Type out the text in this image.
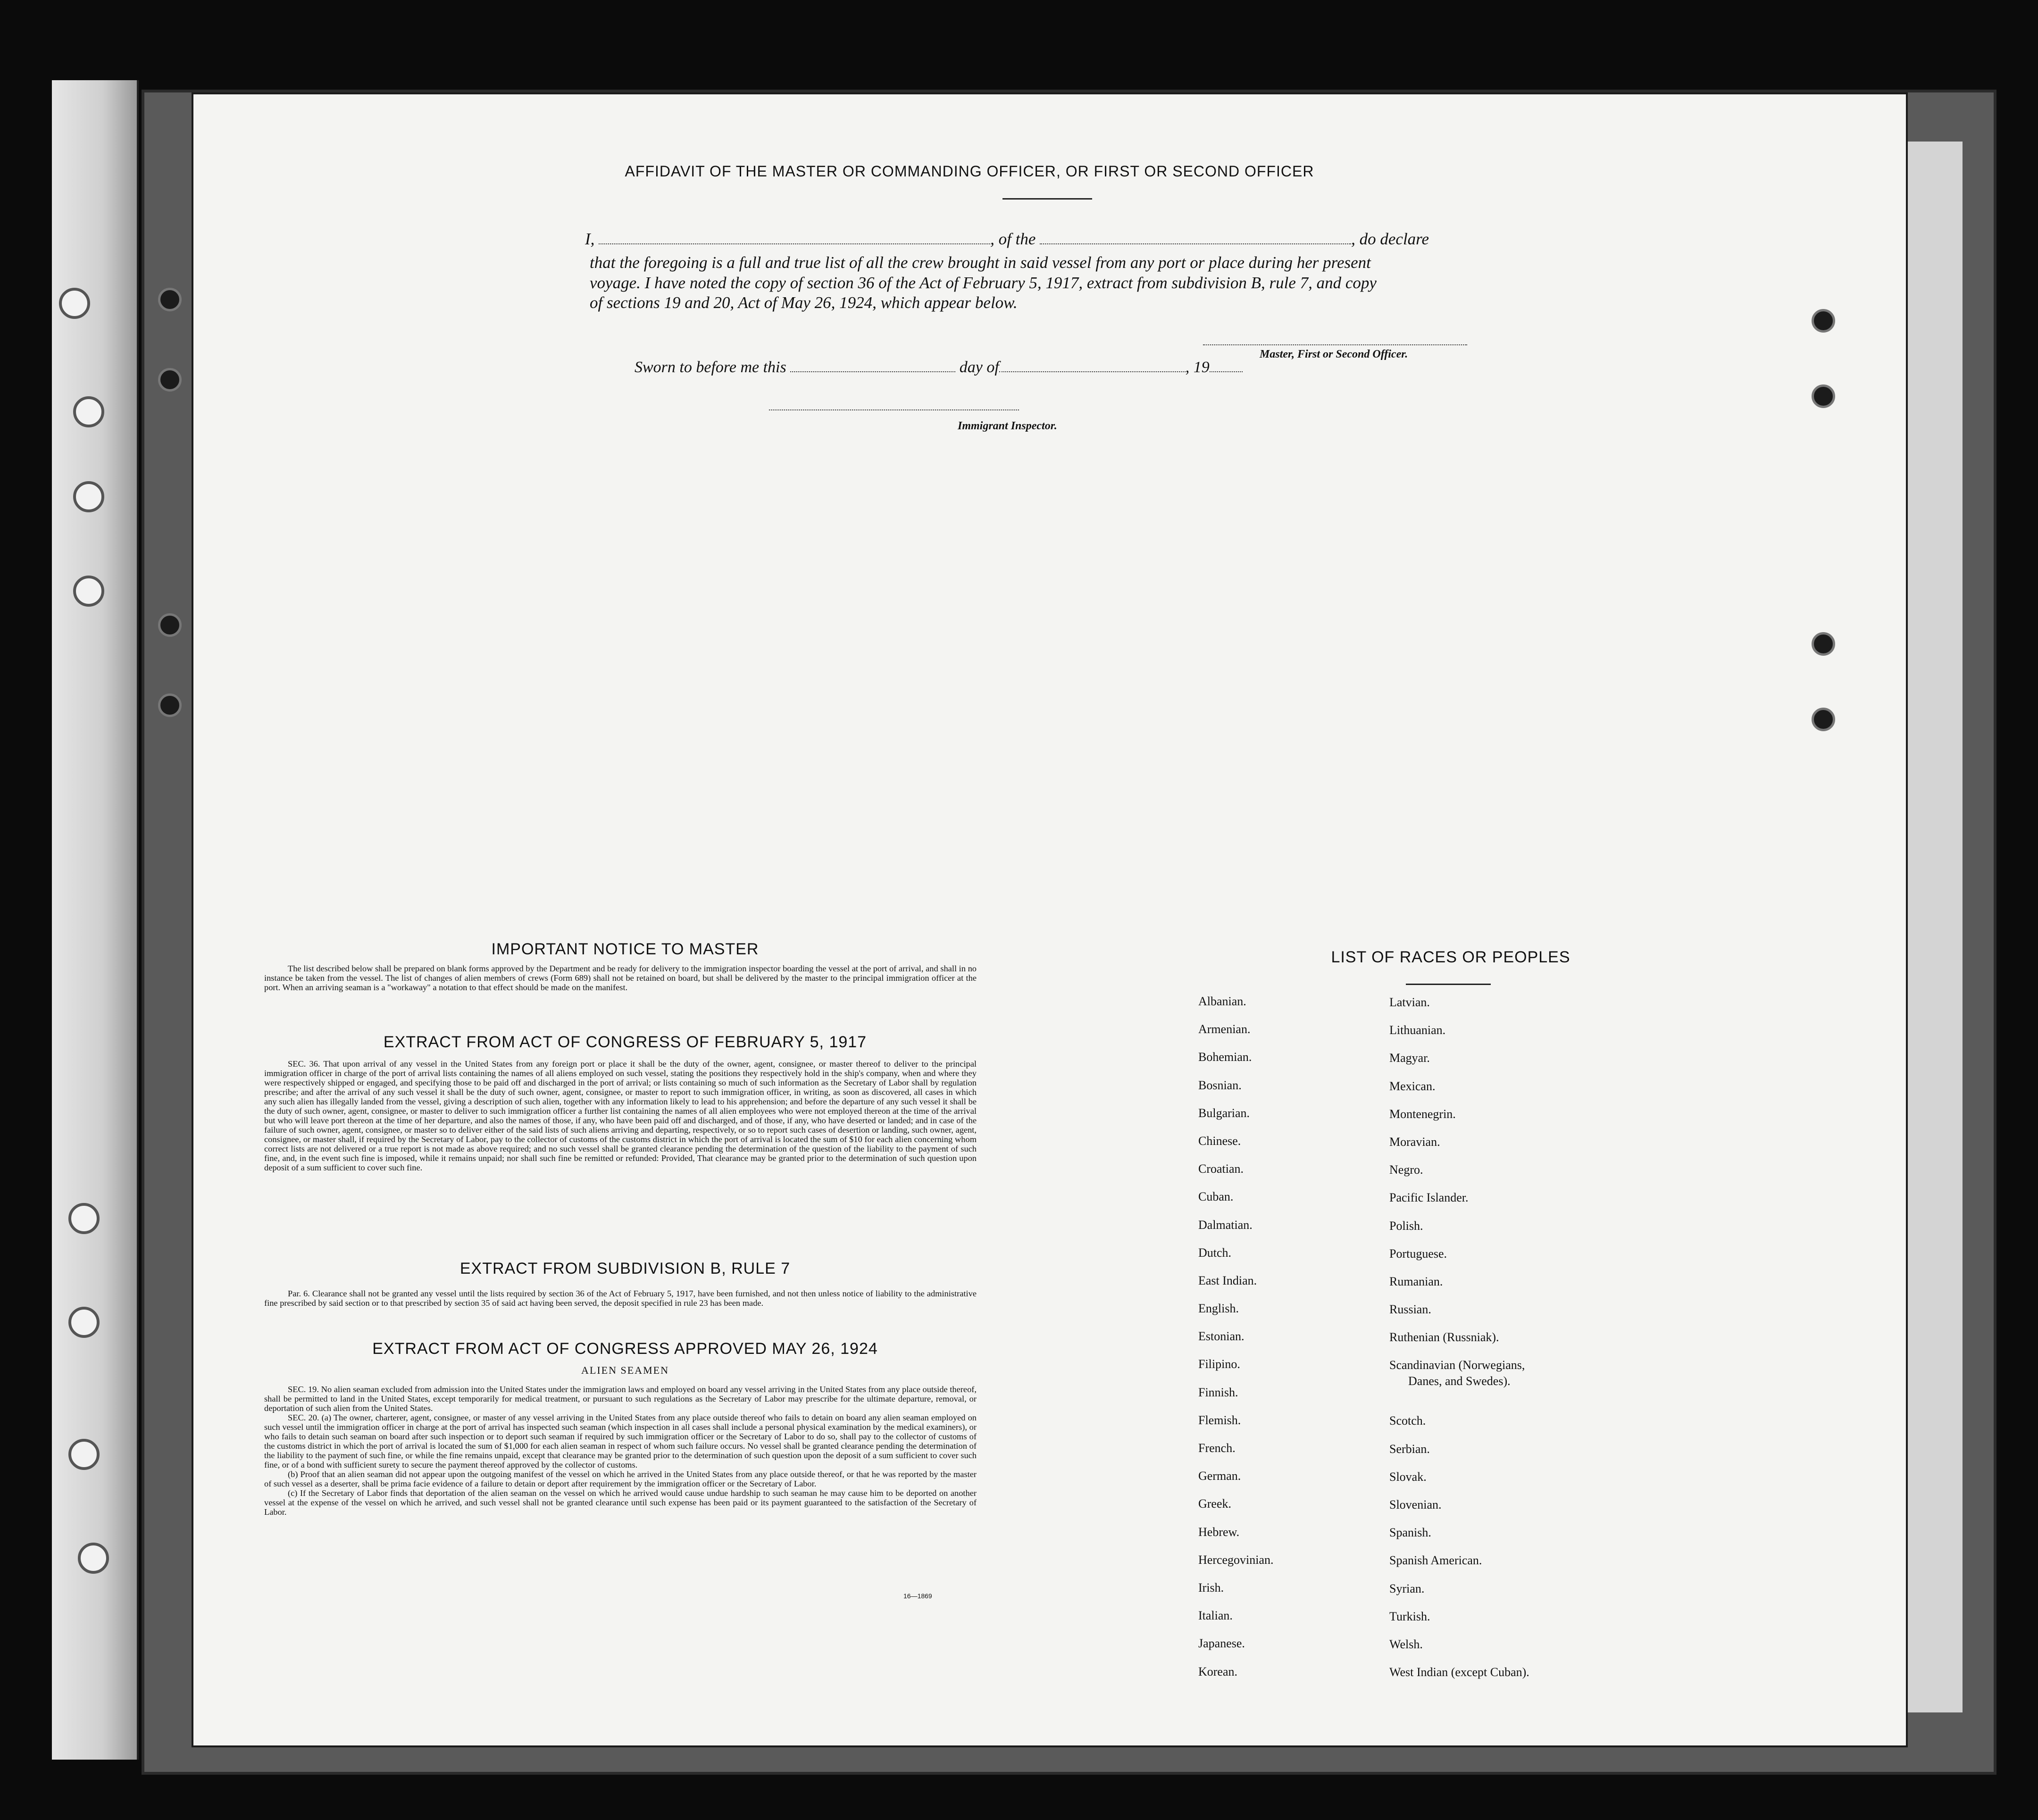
AFFIDAVIT OF THE MASTER OR COMMANDING OFFICER, OR FIRST OR SECOND OFFICER
I,	, of the	, do declare
that the foregoing is a full and true list of all the crew brought in said vessel from any port or place during her present
voyage. I have noted the copy of section 36 of the Act of February 5, 1917, extract from subdivision B, rule 7, and copy
of sections 19 and 20, Act of May 26, 1924, which appear below.
Master, First or Second Officer.
Sworn to before me this	day of	, 19
Immigrant Inspector.
IMPORTANT NOTICE TO MASTER

The list described below shall be prepared on blank forms approved by the Department and be ready for delivery to the immigration inspector boarding the vessel at the port of arrival, and shall in no instance be taken from the vessel. The list of changes of alien members of crews (Form 689) shall not be retained on board, but shall be delivered by the master to the principal immigration officer at the port. When an arriving seaman is a "workaway" a notation to that effect should be made on the manifest.

EXTRACT FROM ACT OF CONGRESS OF FEBRUARY 5, 1917

SEC. 36. That upon arrival of any vessel in the United States from any foreign port or place it shall be the duty of the owner, agent, consignee, or master thereof to deliver to the principal immigration officer in charge of the port of arrival lists containing the names of all aliens employed on such vessel, stating the positions they respectively hold in the ship's company, when and where they were respectively shipped or engaged, and specifying those to be paid off and discharged in the port of arrival; or lists containing so much of such information as the Secretary of Labor shall by regulation prescribe; and after the arrival of any such vessel it shall be the duty of such owner, agent, consignee, or master to report to such immigration officer, in writing, as soon as discovered, all cases in which any such alien has illegally landed from the vessel, giving a description of such alien, together with any information likely to lead to his apprehension; and before the departure of any such vessel it shall be the duty of such owner, agent, consignee, or master to deliver to such immigration officer a further list containing the names of all alien employees who were not employed thereon at the time of the arrival but who will leave port thereon at the time of her departure, and also the names of those, if any, who have been paid off and discharged, and of those, if any, who have deserted or landed; and in case of the failure of such owner, agent, consignee, or master so to deliver either of the said lists of such aliens arriving and departing, respectively, or so to report such cases of desertion or landing, such owner, agent, consignee, or master shall, if required by the Secretary of Labor, pay to the collector of customs of the customs district in which the port of arrival is located the sum of $10 for each alien concerning whom correct lists are not delivered or a true report is not made as above required; and no such vessel shall be granted clearance pending the determination of the question of the liability to the payment of such fine, and, in the event such fine is imposed, while it remains unpaid; nor shall such fine be remitted or refunded: Provided, That clearance may be granted prior to the determination of such question upon deposit of a sum sufficient to cover such fine.

EXTRACT FROM SUBDIVISION B, RULE 7

Par. 6. Clearance shall not be granted any vessel until the lists required by section 36 of the Act of February 5, 1917, have been furnished, and not then unless notice of liability to the administrative fine prescribed by said section or to that prescribed by section 35 of said act having been served, the deposit specified in rule 23 has been made.

EXTRACT FROM ACT OF CONGRESS APPROVED MAY 26, 1924
ALIEN SEAMEN

SEC. 19. No alien seaman excluded from admission into the United States under the immigration laws and employed on board any vessel arriving in the United States from any place outside thereof, shall be permitted to land in the United States, except temporarily for medical treatment, or pursuant to such regulations as the Secretary of Labor may prescribe for the ultimate departure, removal, or deportation of such alien from the United States.

SEC. 20. (a) The owner, charterer, agent, consignee, or master of any vessel arriving in the United States from any place outside thereof who fails to detain on board any alien seaman employed on such vessel until the immigration officer in charge at the port of arrival has inspected such seaman (which inspection in all cases shall include a personal physical examination by the medical examiners), or who fails to detain such seaman on board after such inspection or to deport such seaman if required by such immigration officer or the Secretary of Labor to do so, shall pay to the collector of customs of the customs district in which the port of arrival is located the sum of $1,000 for each alien seaman in respect of whom such failure occurs. No vessel shall be granted clearance pending the determination of the liability to the payment of such fine, or while the fine remains unpaid, except that clearance may be granted prior to the determination of such question upon the deposit of a sum sufficient to cover such fine, or of a bond with sufficient surety to secure the payment thereof approved by the collector of customs.

(b) Proof that an alien seaman did not appear upon the outgoing manifest of the vessel on which he arrived in the United States from any place outside thereof, or that he was reported by the master of such vessel as a deserter, shall be prima facie evidence of a failure to detain or deport after requirement by the immigration officer or the Secretary of Labor.

(c) If the Secretary of Labor finds that deportation of the alien seaman on the vessel on which he arrived would cause undue hardship to such seaman he may cause him to be deported on another vessel at the expense of the vessel on which he arrived, and such vessel shall not be granted clearance until such expense has been paid or its payment guaranteed to the satisfaction of the Secretary of Labor.

16—1869
LIST OF RACES OR PEOPLES
Albanian.
Armenian.
Bohemian.
Bosnian.
Bulgarian.
Chinese.
Croatian.
Cuban.
Dalmatian.
Dutch.
East Indian.
English.
Estonian.
Filipino.
Finnish.
Flemish.
French.
German.
Greek.
Hebrew.
Hercegovinian.
Irish.
Italian.
Japanese.
Korean.
Latvian.
Lithuanian.
Magyar.
Mexican.
Montenegrin.
Moravian.
Negro.
Pacific Islander.
Polish.
Portuguese.
Rumanian.
Russian.
Ruthenian (Russniak).
Scandinavian (Norwegians,
Danes, and Swedes).
Scotch.
Serbian.
Slovak.
Slovenian.
Spanish.
Spanish American.
Syrian.
Turkish.
Welsh.
West Indian (except Cuban).
